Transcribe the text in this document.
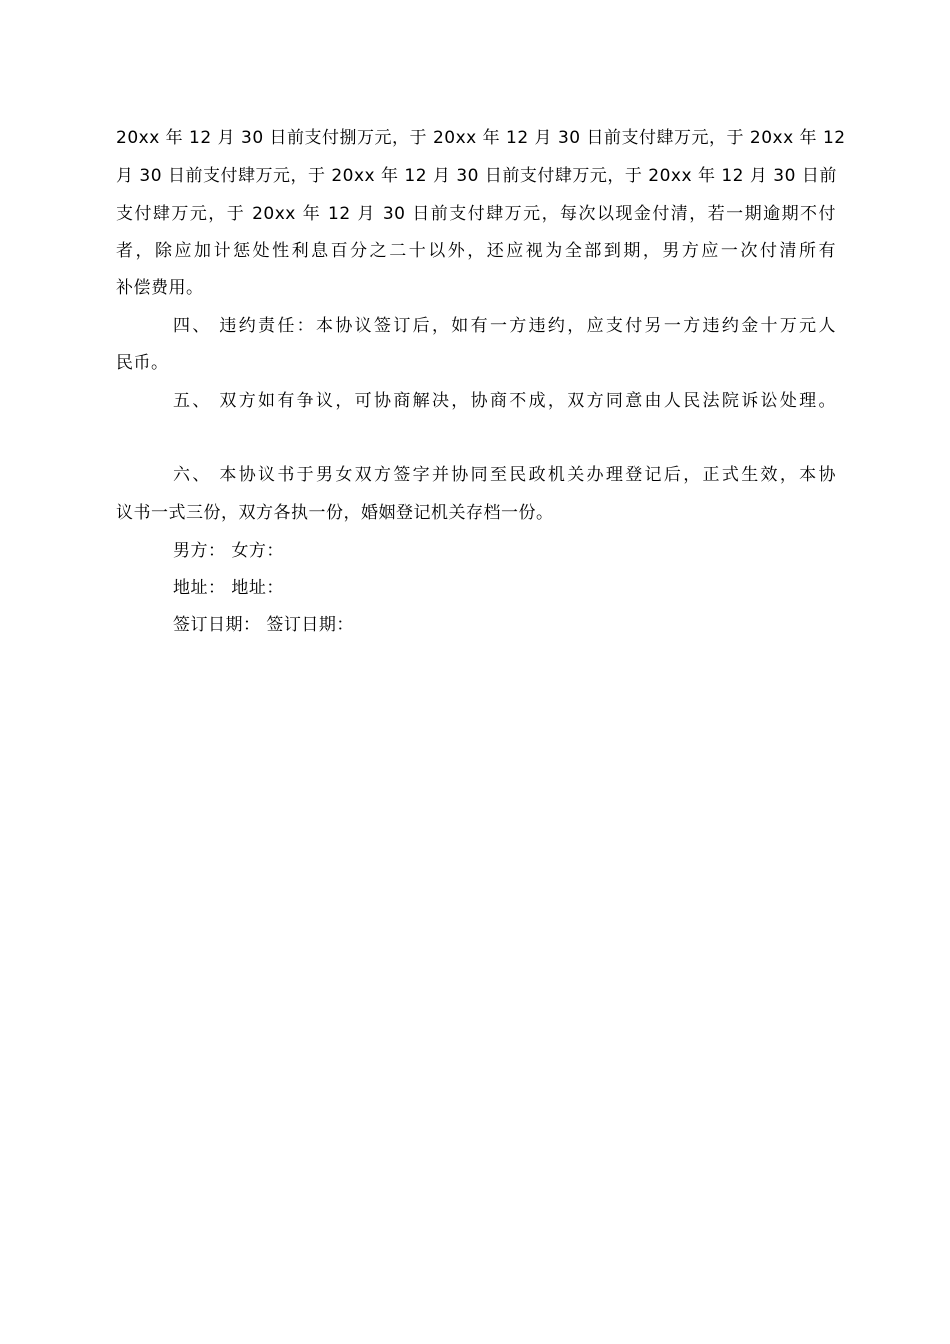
20xx 年 12 月 30 日前支付捌万元，于 20xx 年 12 月 30 日前支付肆万元，于 20xx 年 12
月 30 日前支付肆万元，于 20xx 年 12 月 30 日前支付肆万元，于 20xx 年 12 月 30 日前
支付肆万元，于 20xx 年 12 月 30 日前支付肆万元，每次以现金付清，若一期逾期不付
者，除应加计惩处性利息百分之二十以外，还应视为全部到期，男方应一次付清所有
补偿费用。
四、 违约责任：本协议签订后，如有一方违约，应支付另一方违约金十万元人
民币。
五、 双方如有争议，可协商解决，协商不成，双方同意由人民法院诉讼处理。
六、 本协议书于男女双方签字并协同至民政机关办理登记后，正式生效，本协
议书一式三份，双方各执一份，婚姻登记机关存档一份。
男方： 女方：
地址： 地址：
签订日期： 签订日期：
